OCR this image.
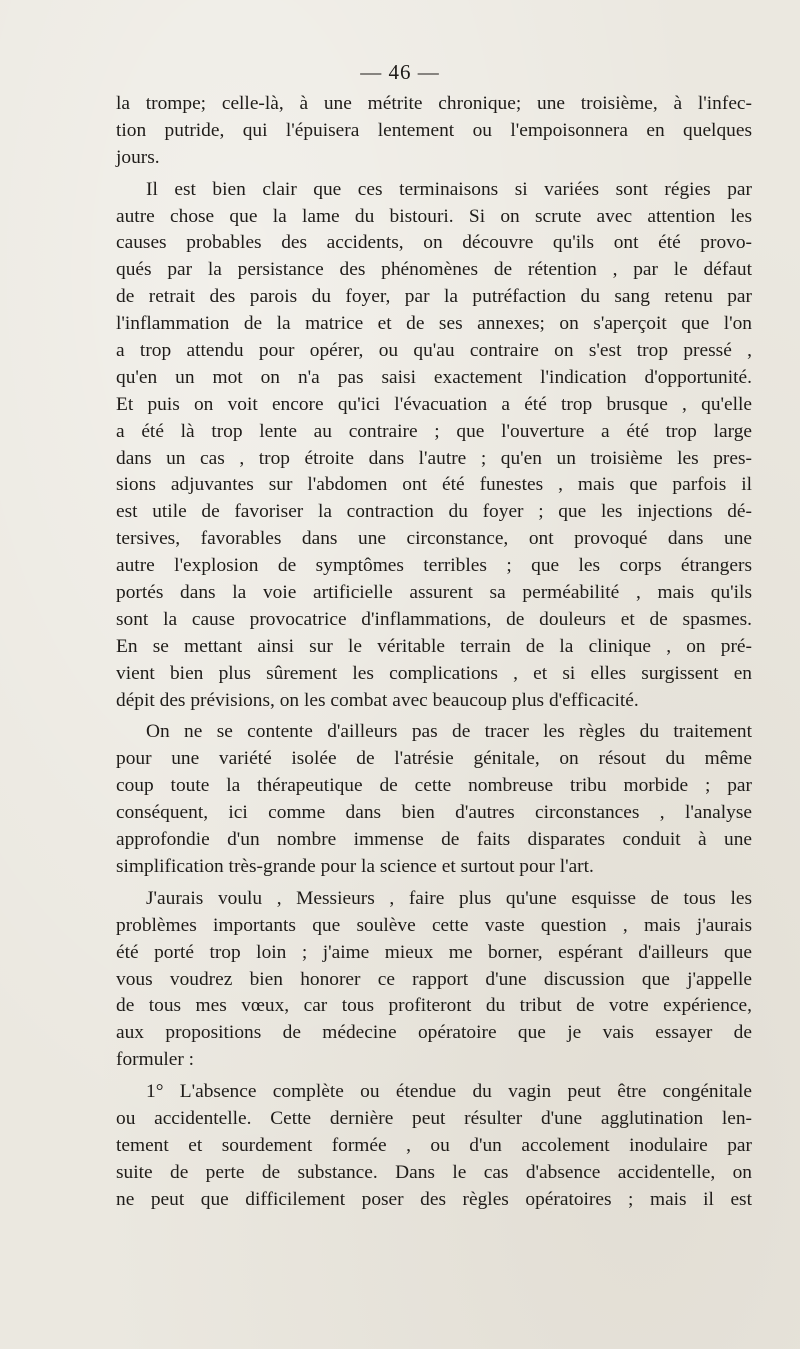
— 46 —

la trompe; celle-là, à une métrite chronique; une troisième, à l'infec-
tion putride, qui l'épuisera lentement ou l'empoisonnera en quelques
jours.
Il est bien clair que ces terminaisons si variées sont régies par
autre chose que la lame du bistouri. Si on scrute avec attention les
causes probables des accidents, on découvre qu'ils ont été provo-
qués par la persistance des phénomènes de rétention , par le défaut
de retrait des parois du foyer, par la putréfaction du sang retenu par
l'inflammation de la matrice et de ses annexes; on s'aperçoit que l'on
a trop attendu pour opérer, ou qu'au contraire on s'est trop pressé ,
qu'en un mot on n'a pas saisi exactement l'indication d'opportunité.
Et puis on voit encore qu'ici l'évacuation a été trop brusque , qu'elle
a été là trop lente au contraire ; que l'ouverture a été trop large
dans un cas , trop étroite dans l'autre ; qu'en un troisième les pres-
sions adjuvantes sur l'abdomen ont été funestes , mais que parfois il
est utile de favoriser la contraction du foyer ; que les injections dé-
tersives, favorables dans une circonstance, ont provoqué dans une
autre l'explosion de symptômes terribles ; que les corps étrangers
portés dans la voie artificielle assurent sa perméabilité , mais qu'ils
sont la cause provocatrice d'inflammations, de douleurs et de spasmes.
En se mettant ainsi sur le véritable terrain de la clinique , on pré-
vient bien plus sûrement les complications , et si elles surgissent en
dépit des prévisions, on les combat avec beaucoup plus d'efficacité.
On ne se contente d'ailleurs pas de tracer les règles du traitement
pour une variété isolée de l'atrésie génitale, on résout du même
coup toute la thérapeutique de cette nombreuse tribu morbide ; par
conséquent, ici comme dans bien d'autres circonstances , l'analyse
approfondie d'un nombre immense de faits disparates conduit à une
simplification très-grande pour la science et surtout pour l'art.
J'aurais voulu , Messieurs , faire plus qu'une esquisse de tous les
problèmes importants que soulève cette vaste question , mais j'aurais
été porté trop loin ; j'aime mieux me borner, espérant d'ailleurs que
vous voudrez bien honorer ce rapport d'une discussion que j'appelle
de tous mes vœux, car tous profiteront du tribut de votre expérience,
aux propositions de médecine opératoire que je vais essayer de
formuler :
1° L'absence complète ou étendue du vagin peut être congénitale
ou accidentelle. Cette dernière peut résulter d'une agglutination len-
tement et sourdement formée , ou d'un accolement inodulaire par
suite de perte de substance. Dans le cas d'absence accidentelle, on
ne peut que difficilement poser des règles opératoires ; mais il est
